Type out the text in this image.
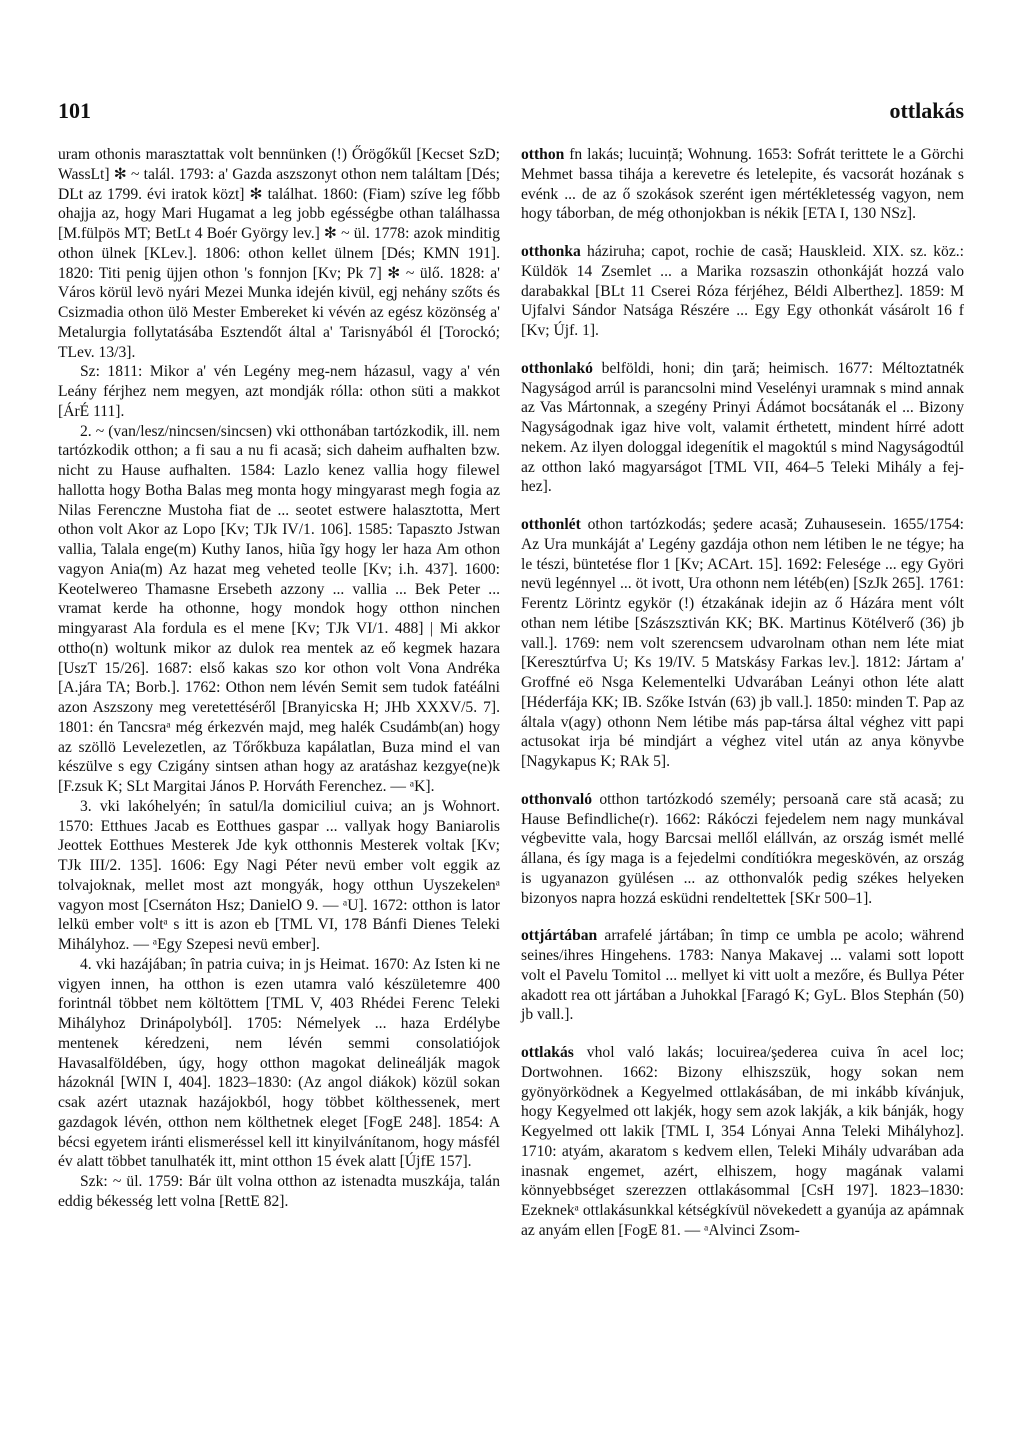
101	ottlakás

uram othonis marasztattak volt bennünken (!) Őrögőkűl [Kecset SzD; WassLt] ✻ ~ talál. 1793: a' Gazda aszszonyt othon nem találtam [Dés; DLt az 1799. évi iratok közt] ✻ találhat. 1860: (Fiam) szíve leg főbb ohajja az, hogy Mari Hugamat a leg jobb egésségbe othan találhassa [M.fülpös MT; BetLt 4 Boér György lev.] ✻ ~ ül. 1778: azok minditig othon ülnek [KLev.]. 1806: othon kellet ülnem [Dés; KMN 191]. 1820: Titi penig üjjen othon 's fonnjon [Kv; Pk 7] ✻ ~ ülő. 1828: a' Város körül levö nyári Mezei Munka idején kivül, egj nehány szőts és Csizmadia othon ülö Mester Embereket ki vévén az egész közönség a' Metalurgia follytatásába Esztendőt által a' Tarisnyából él [Torockó; TLev. 13/3].

Sz: 1811: Mikor a' vén Legény meg-nem házasul, vagy a' vén Leány férjhez nem megyen, azt mondják rólla: othon süti a makkot [ÁrÉ 111].

2. ~ (van/lesz/nincsen/sincsen) vki otthonában tartózkodik, ill. nem tartózkodik otthon; a fi sau a nu fi acasă; sich daheim aufhalten bzw. nicht zu Hause aufhalten. 1584: Lazlo kenez vallia hogy filewel hallotta hogy Botha Balas meg monta hogy mingyarast megh fogia az Nilas Ferenczne Mustoha fiat de ... seotet estwere halasztotta, Mert othon volt Akor az Lopo [Kv; TJk IV/1. 106]. 1585: Tapaszto Jstwan vallia, Talala enge(m) Kuthy Ianos, hiũa ĩgy hogy ler haza Am othon vagyon Ania(m) Az hazat meg veheted teolle [Kv; i.h. 437]. 1600: Keotelwereo Thamasne Ersebeth azzony ... vallia ... Bek Peter ... vramat kerde ha othonne, hogy mondok hogy otthon ninchen mingyarast Ala fordula es el mene [Kv; TJk VI/1. 488] | Mi akkor ottho(n) woltunk mikor az dulok rea mentek az eő kegmek hazara [UszT 15/26]. 1687: első kakas szo kor othon volt Vona Andréka [A.jára TA; Borb.]. 1762: Othon nem lévén Semit sem tudok fatéálni azon Aszszony meg veretettéséről [Branyicska H; JHb XXXV/5. 7]. 1801: én Tancsraᵃ még érkezvén majd, meg halék Csudámb(an) hogy az szöllö Levelezetlen, az Tőrőkbuza kapálatlan, Buza mind el van készülve s egy Czigány sintsen athan hogy az aratáshaz kezgye(ne)k [F.zsuk K; SLt Margitai János P. Horváth Ferenchez. — ᵃK].

3. vki lakóhelyén; în satul/la domiciliul cuiva; an js Wohnort. 1570: Etthues Jacab es Eotthues gaspar ... vallyak hogy Baniarolis Jeottek Eotthues Mesterek Jde kyk otthonnis Mesterek voltak [Kv; TJk III/2. 135]. 1606: Egy Nagi Péter nevü ember volt eggik az tolvajoknak, mellet most azt mongyák, hogy otthun Uyszekelenᵃ vagyon most [Csernáton Hsz; DanielO 9. — ᵃU]. 1672: otthon is lator lelkü ember voltᵃ s itt is azon eb [TML VI, 178 Bánfi Dienes Teleki Mihályhoz. — ᵃEgy Szepesi nevü ember].

4. vki hazájában; în patria cuiva; in js Heimat. 1670: Az Isten ki ne vigyen innen, ha otthon is ezen utamra való készületemre 400 forintnál többet nem költöttem [TML V, 403 Rhédei Ferenc Teleki Mihályhoz Drinápolyból]. 1705: Némelyek ... haza Erdélybe mentenek kéredzeni, nem lévén semmi consolatiójok Havasalföldében, úgy, hogy otthon magokat delineálják magok házoknál [WIN I, 404]. 1823–1830: (Az angol diákok) közül sokan csak azért utaznak hazájokból, hogy többet költhessenek, mert gazdagok lévén, otthon nem költhetnek eleget [FogE 248]. 1854: A bécsi egyetem iránti elismeréssel kell itt kinyilvánítanom, hogy másfél év alatt többet tanulhaték itt, mint otthon 15 évek alatt [ÚjfE 157].

Szk: ~ ül. 1759: Bár ült volna otthon az istenadta muszkája, talán eddig békesség lett volna [RettE 82].

otthon fn lakás; lucuință; Wohnung. 1653: Sofrát terittete le a Görchi Mehmet bassa tihája a kerevetre és letelepite, és vacsorát hozának s evénk ... de az ő szokások szerént igen mértékletesség vagyon, nem hogy táborban, de még othonjokban is nékik [ETA I, 130 NSz].
otthonka háziruha; capot, rochie de casă; Hauskleid. XIX. sz. köz.: Küldök 14 Zsemlet ... a Marika rozsaszin othonkáját hozzá valo darabakkal [BLt 11 Cserei Róza férjéhez, Béldi Alberthez]. 1859: M Ujfalvi Sándor Natsága Részére ... Egy Egy othonkát vásárolt 16 f [Kv; Újf. 1].
otthonlakó belföldi, honi; din ţară; heimisch. 1677: Méltoztatnék Nagyságod arrúl is parancsolni mind Veselényi uramnak s mind annak az Vas Mártonnak, a szegény Prinyi Ádámot bocsátanák el ... Bizony Nagyságodnak igaz hive volt, valamit érthetett, mindent hírré adott nekem. Az ilyen dologgal idegenítik el magoktúl s mind Nagyságodtúl az otthon lakó magyarságot [TML VII, 464–5 Teleki Mihály a fej-hez].
otthonlét othon tartózkodás; şedere acasă; Zuhausesein. 1655/1754: Az Ura munkáját a' Legény gazdája othon nem létiben le ne tégye; ha le tészi, büntetése flor 1 [Kv; ACArt. 15]. 1692: Felesége ... egy Györi nevü legénnyel ... öt ivott, Ura othonn nem létéb(en) [SzJk 265]. 1761: Ferentz Lörintz egykör (!) étzakának idejin az ő Házára ment vólt othan nem létibe [Szászsztiván KK; BK. Martinus Kötélverő (36) jb vall.]. 1769: nem volt szerencsem udvarolnam othan nem léte miat [Keresztúrfva U; Ks 19/IV. 5 Matskásy Farkas lev.]. 1812: Jártam a' Groffné eö Nsga Kelementelki Udvarában Leányi othon léte alatt [Héderfája KK; IB. Szőke István (63) jb vall.]. 1850: minden T. Pap az általa v(agy) othonn Nem létibe más pap-társa által véghez vitt papi actusokat irja bé mindjárt a véghez vitel után az anya könyvbe [Nagykapus K; RAk 5].
otthonvaló otthon tartózkodó személy; persoană care stă acasă; zu Hause Befindliche(r). 1662: Rákóczi fejedelem nem nagy munkával végbevitte vala, hogy Barcsai mellől elállván, az ország ismét mellé állana, és így maga is a fejedelmi condítiókra megeskövén, az ország is ugyanazon gyülésen ... az otthonvalók pedig székes helyeken bizonyos napra hozzá esküdni rendeltettek [SKr 500–1].
ottjártában arrafelé jártában; în timp ce umbla pe acolo; während seines/ihres Hingehens. 1783: Nanya Makavej ... valami sott lopott volt el Pavelu Tomitol ... mellyet ki vitt uolt a mezőre, és Bullya Péter akadott rea ott jártában a Juhokkal [Faragó K; GyL. Blos Stephán (50) jb vall.].
ottlakás vhol való lakás; locuirea/şederea cuiva în acel loc; Dortwohnen. 1662: Bizony elhiszszük, hogy sokan nem gyönyörködnek a Kegyelmed ottlakásában, de mi inkább kívánjuk, hogy Kegyelmed ott lakjék, hogy sem azok lakják, a kik bánják, hogy Kegyelmed ott lakik [TML I, 354 Lónyai Anna Teleki Mihályhoz]. 1710: atyám, akaratom s kedvem ellen, Teleki Mihály udvarában ada inasnak engemet, azért, elhiszem, hogy magának valami könnyebbséget szerezzen ottlakásommal [CsH 197]. 1823–1830: Ezeknekᵃ ottlakásunkkal kétségkívül növekedett a gyanúja az apámnak az anyám ellen [FogE 81. — ᵃAlvinci Zsom-
